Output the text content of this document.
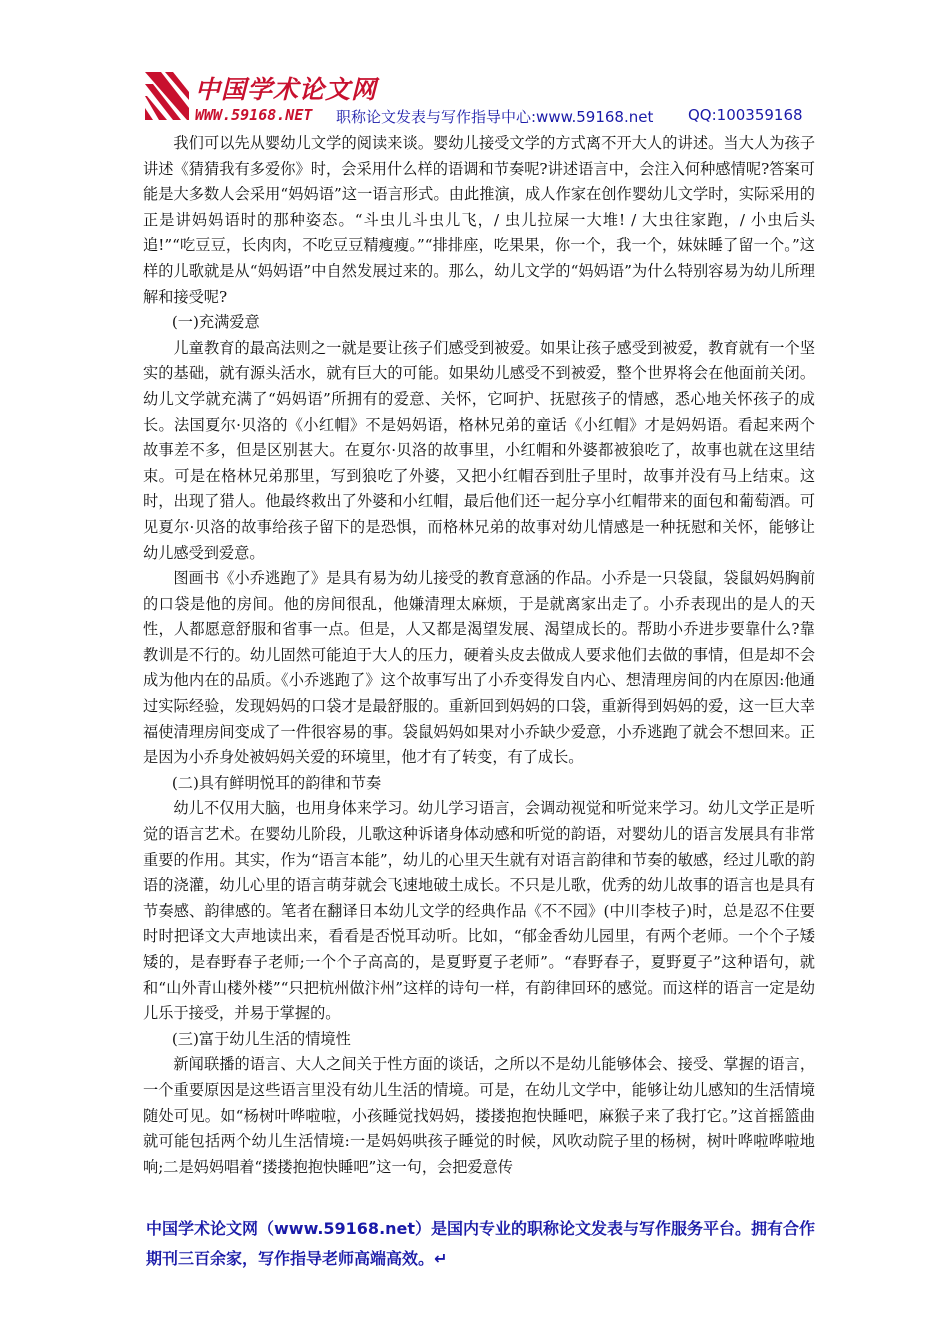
中国学术论文网
WWW.59168.NET 职称论文发表与写作指导中心:www.59168.net QQ:100359168

我们可以先从婴幼儿文学的阅读来谈。婴幼儿接受文学的方式离不开大人的讲述。当大人为孩子讲述《猜猜我有多爱你》时，会采用什么样的语调和节奏呢?讲述语言中，会注入何种感情呢?答案可能是大多数人会采用“妈妈语”这一语言形式。由此推演，成人作家在创作婴幼儿文学时，实际采用的正是讲妈妈语时的那种姿态。“斗虫儿斗虫儿飞，/ 虫儿拉屎一大堆! / 大虫往家跑，/ 小虫后头追!”“吃豆豆，长肉肉，不吃豆豆精瘦瘦。”“排排座，吃果果，你一个，我一个，妹妹睡了留一个。”这样的儿歌就是从“妈妈语”中自然发展过来的。那么，幼儿文学的“妈妈语”为什么特别容易为幼儿所理解和接受呢?

(一)充满爱意

儿童教育的最高法则之一就是要让孩子们感受到被爱。如果让孩子感受到被爱，教育就有一个坚实的基础，就有源头活水，就有巨大的可能。如果幼儿感受不到被爱，整个世界将会在他面前关闭。幼儿文学就充满了“妈妈语”所拥有的爱意、关怀，它呵护、抚慰孩子的情感，悉心地关怀孩子的成长。法国夏尔·贝洛的《小红帽》不是妈妈语，格林兄弟的童话《小红帽》才是妈妈语。看起来两个故事差不多，但是区别甚大。在夏尔·贝洛的故事里，小红帽和外婆都被狼吃了，故事也就在这里结束。可是在格林兄弟那里，写到狼吃了外婆，又把小红帽吞到肚子里时，故事并没有马上结束。这时，出现了猎人。他最终救出了外婆和小红帽，最后他们还一起分享小红帽带来的面包和葡萄酒。可见夏尔·贝洛的故事给孩子留下的是恐惧，而格林兄弟的故事对幼儿情感是一种抚慰和关怀，能够让幼儿感受到爱意。

图画书《小乔逃跑了》是具有易为幼儿接受的教育意涵的作品。小乔是一只袋鼠，袋鼠妈妈胸前的口袋是他的房间。他的房间很乱，他嫌清理太麻烦，于是就离家出走了。小乔表现出的是人的天性，人都愿意舒服和省事一点。但是，人又都是渴望发展、渴望成长的。帮助小乔进步要靠什么?靠教训是不行的。幼儿固然可能迫于大人的压力，硬着头皮去做成人要求他们去做的事情，但是却不会成为他内在的品质。《小乔逃跑了》这个故事写出了小乔变得发自内心、想清理房间的内在原因:他通过实际经验，发现妈妈的口袋才是最舒服的。重新回到妈妈的口袋，重新得到妈妈的爱，这一巨大幸福使清理房间变成了一件很容易的事。袋鼠妈妈如果对小乔缺少爱意，小乔逃跑了就会不想回来。正是因为小乔身处被妈妈关爱的环境里，他才有了转变，有了成长。

(二)具有鲜明悦耳的韵律和节奏

幼儿不仅用大脑，也用身体来学习。幼儿学习语言，会调动视觉和听觉来学习。幼儿文学正是听觉的语言艺术。在婴幼儿阶段，儿歌这种诉诸身体动感和听觉的韵语，对婴幼儿的语言发展具有非常重要的作用。其实，作为“语言本能”，幼儿的心里天生就有对语言韵律和节奏的敏感，经过儿歌的韵语的浇灌，幼儿心里的语言萌芽就会飞速地破土成长。不只是儿歌，优秀的幼儿故事的语言也是具有节奏感、韵律感的。笔者在翻译日本幼儿文学的经典作品《不不园》(中川李枝子)时，总是忍不住要时时把译文大声地读出来，看看是否悦耳动听。比如，“郁金香幼儿园里，有两个老师。一个个子矮矮的，是春野春子老师;一个个子高高的，是夏野夏子老师”。“春野春子，夏野夏子”这种语句，就和“山外青山楼外楼”“只把杭州做汴州”这样的诗句一样，有韵律回环的感觉。而这样的语言一定是幼儿乐于接受，并易于掌握的。

(三)富于幼儿生活的情境性

新闻联播的语言、大人之间关于性方面的谈话，之所以不是幼儿能够体会、接受、掌握的语言，一个重要原因是这些语言里没有幼儿生活的情境。可是，在幼儿文学中，能够让幼儿感知的生活情境随处可见。如“杨树叶哗啦啦，小孩睡觉找妈妈，搂搂抱抱快睡吧，麻猴子来了我打它。”这首摇篮曲就可能包括两个幼儿生活情境:一是妈妈哄孩子睡觉的时候，风吹动院子里的杨树，树叶哗啦哗啦地响;二是妈妈唱着“搂搂抱抱快睡吧”这一句，会把爱意传

中国学术论文网（www.59168.net）是国内专业的职称论文发表与写作服务平台。拥有合作期刊三百余家，写作指导老师高端高效。↵
